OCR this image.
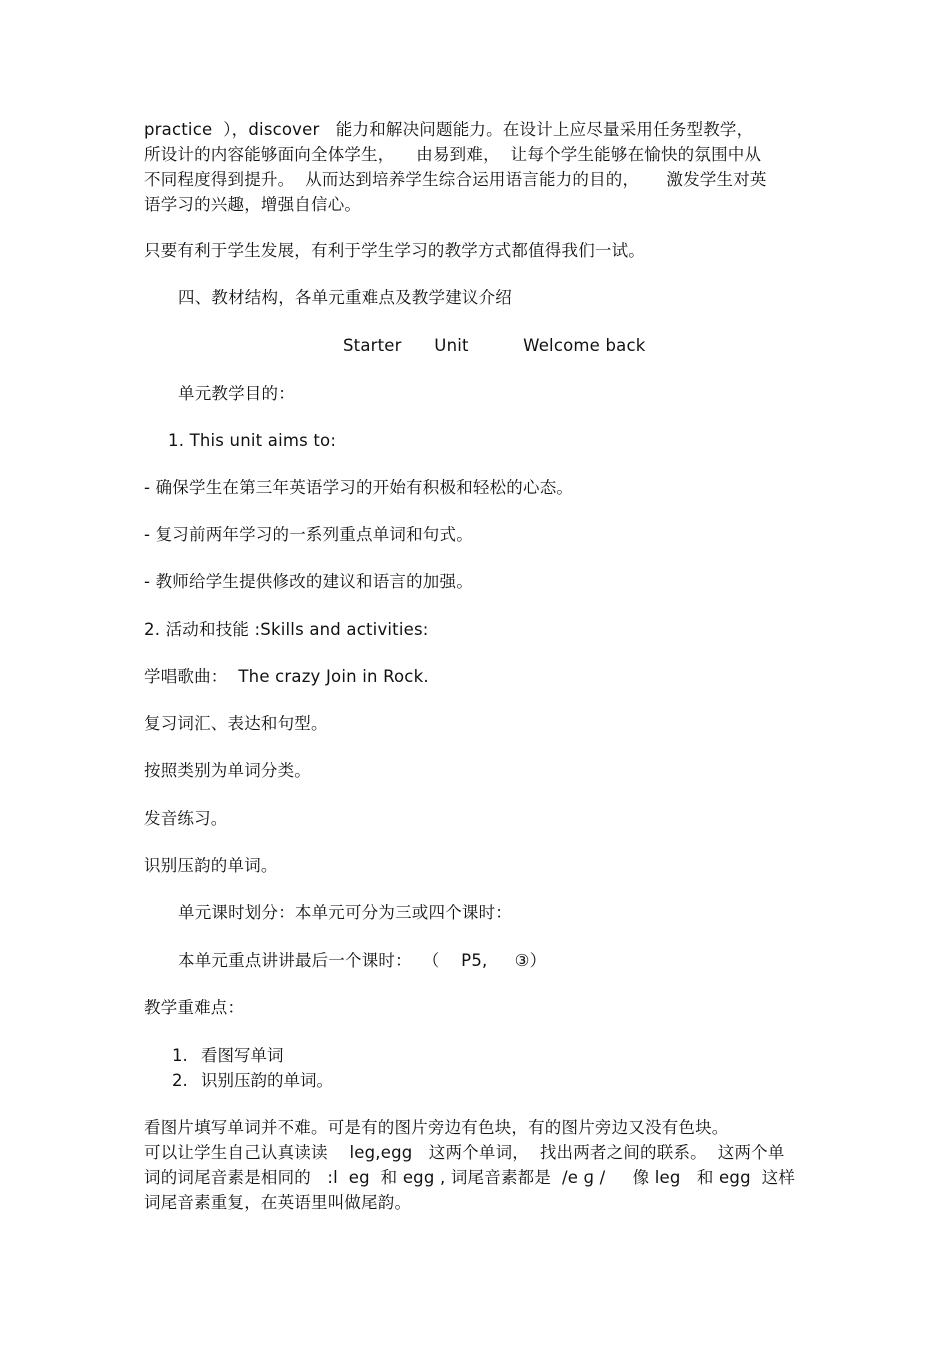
practice  ），discover   能力和解决问题能力。在设计上应尽量采用任务型教学，
所设计的内容能够面向全体学生，    由易到难，  让每个学生能够在愉快的氛围中从
不同程度得到提升。  从而达到培养学生综合运用语言能力的目的，     激发学生对英
语学习的兴趣，增强自信心。
只要有利于学生发展，有利于学生学习的教学方式都值得我们一试。
四、教材结构，各单元重难点及教学建议介绍
Starter      Unit          Welcome back
单元教学目的：
1. This unit aims to:
- 确保学生在第三年英语学习的开始有积极和轻松的心态。
- 复习前两年学习的一系列重点单词和句式。
- 教师给学生提供修改的建议和语言的加强。
2. 活动和技能 :Skills and activities:
学唱歌曲：  The crazy Join in Rock.
复习词汇、表达和句型。
按照类别为单词分类。
发音练习。
识别压韵的单词。
单元课时划分：本单元可分为三或四个课时：
本单元重点讲讲最后一个课时：  （    P5,     ③）
教学重难点：
1. 看图写单词
2. 识别压韵的单词。
看图片填写单词并不难。可是有的图片旁边有色块，有的图片旁边又没有色块。
可以让学生自己认真读读    leg,egg   这两个单词，  找出两者之间的联系。  这两个单
词的词尾音素是相同的   :l  eg  和 egg , 词尾音素都是  /e ɡ /     像 leg   和 egg  这样
词尾音素重复，在英语里叫做尾韵。
